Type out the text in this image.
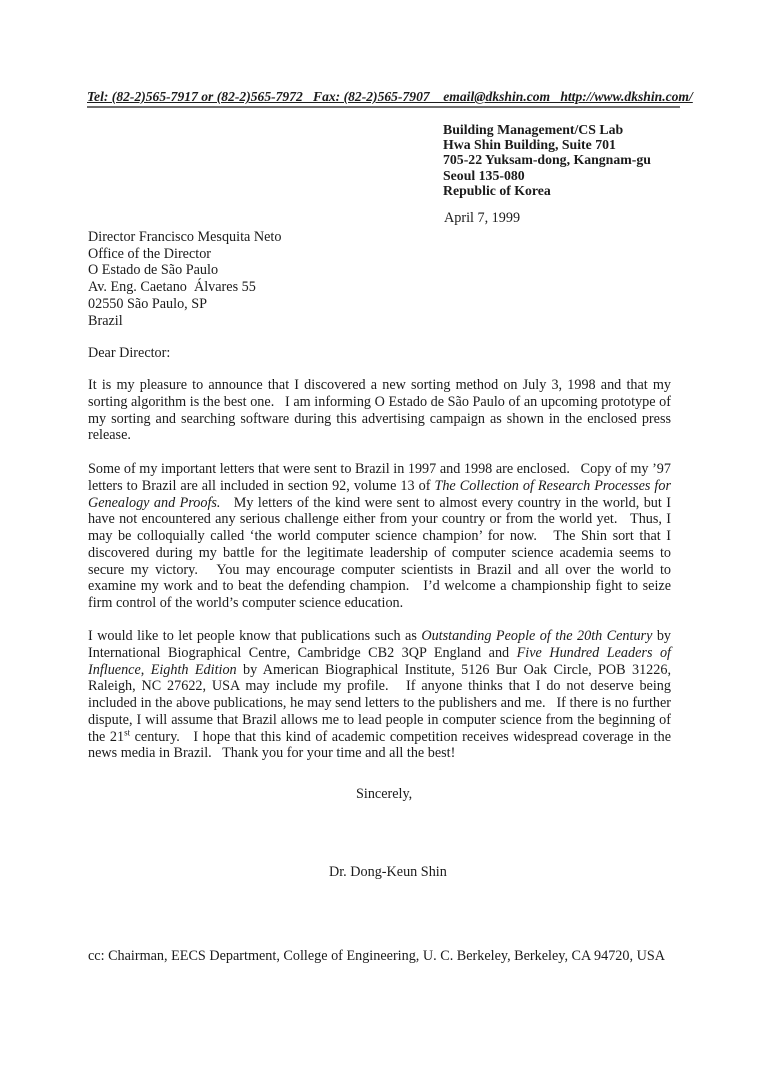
Tel: (82-2)565-7917 or (82-2)565-7972   Fax: (82-2)565-7907    email@dkshin.com   http://www.dkshin.com/
Building Management/CS Lab
Hwa Shin Building, Suite 701
705-22 Yuksam-dong, Kangnam-gu
Seoul 135-080
Republic of Korea
April 7, 1999
Director Francisco Mesquita Neto
Office of the Director
O Estado de São Paulo
Av. Eng. Caetano  Álvares 55
02550 São Paulo, SP
Brazil
Dear Director:
It is my pleasure to announce that I discovered a new sorting method on July 3, 1998 and that my sorting algorithm is the best one.   I am informing O Estado de São Paulo of an upcoming prototype of my sorting and searching software during this advertising campaign as shown in the enclosed press release.
Some of my important letters that were sent to Brazil in 1997 and 1998 are enclosed.   Copy of my ’97 letters to Brazil are all included in section 92, volume 13 of The Collection of Research Processes for Genealogy and Proofs.   My letters of the kind were sent to almost every country in the world, but I have not encountered any serious challenge either from your country or from the world yet.   Thus, I may be colloquially called ‘the world computer science champion’ for now.   The Shin sort that I discovered during my battle for the legitimate leadership of computer science academia seems to secure my victory.   You may encourage computer scientists in Brazil and all over the world to examine my work and to beat the defending champion.   I’d welcome a championship fight to seize firm control of the world’s computer science education.
I would like to let people know that publications such as Outstanding People of the 20th Century by International Biographical Centre, Cambridge CB2 3QP England and Five Hundred Leaders of Influence, Eighth Edition by American Biographical Institute, 5126 Bur Oak Circle, POB 31226, Raleigh, NC 27622, USA may include my profile.   If anyone thinks that I do not deserve being included in the above publications, he may send letters to the publishers and me.   If there is no further dispute, I will assume that Brazil allows me to lead people in computer science from the beginning of the 21st century.   I hope that this kind of academic competition receives widespread coverage in the news media in Brazil.   Thank you for your time and all the best!
Sincerely,
Dr. Dong-Keun Shin
cc: Chairman, EECS Department, College of Engineering, U. C. Berkeley, Berkeley, CA 94720, USA
